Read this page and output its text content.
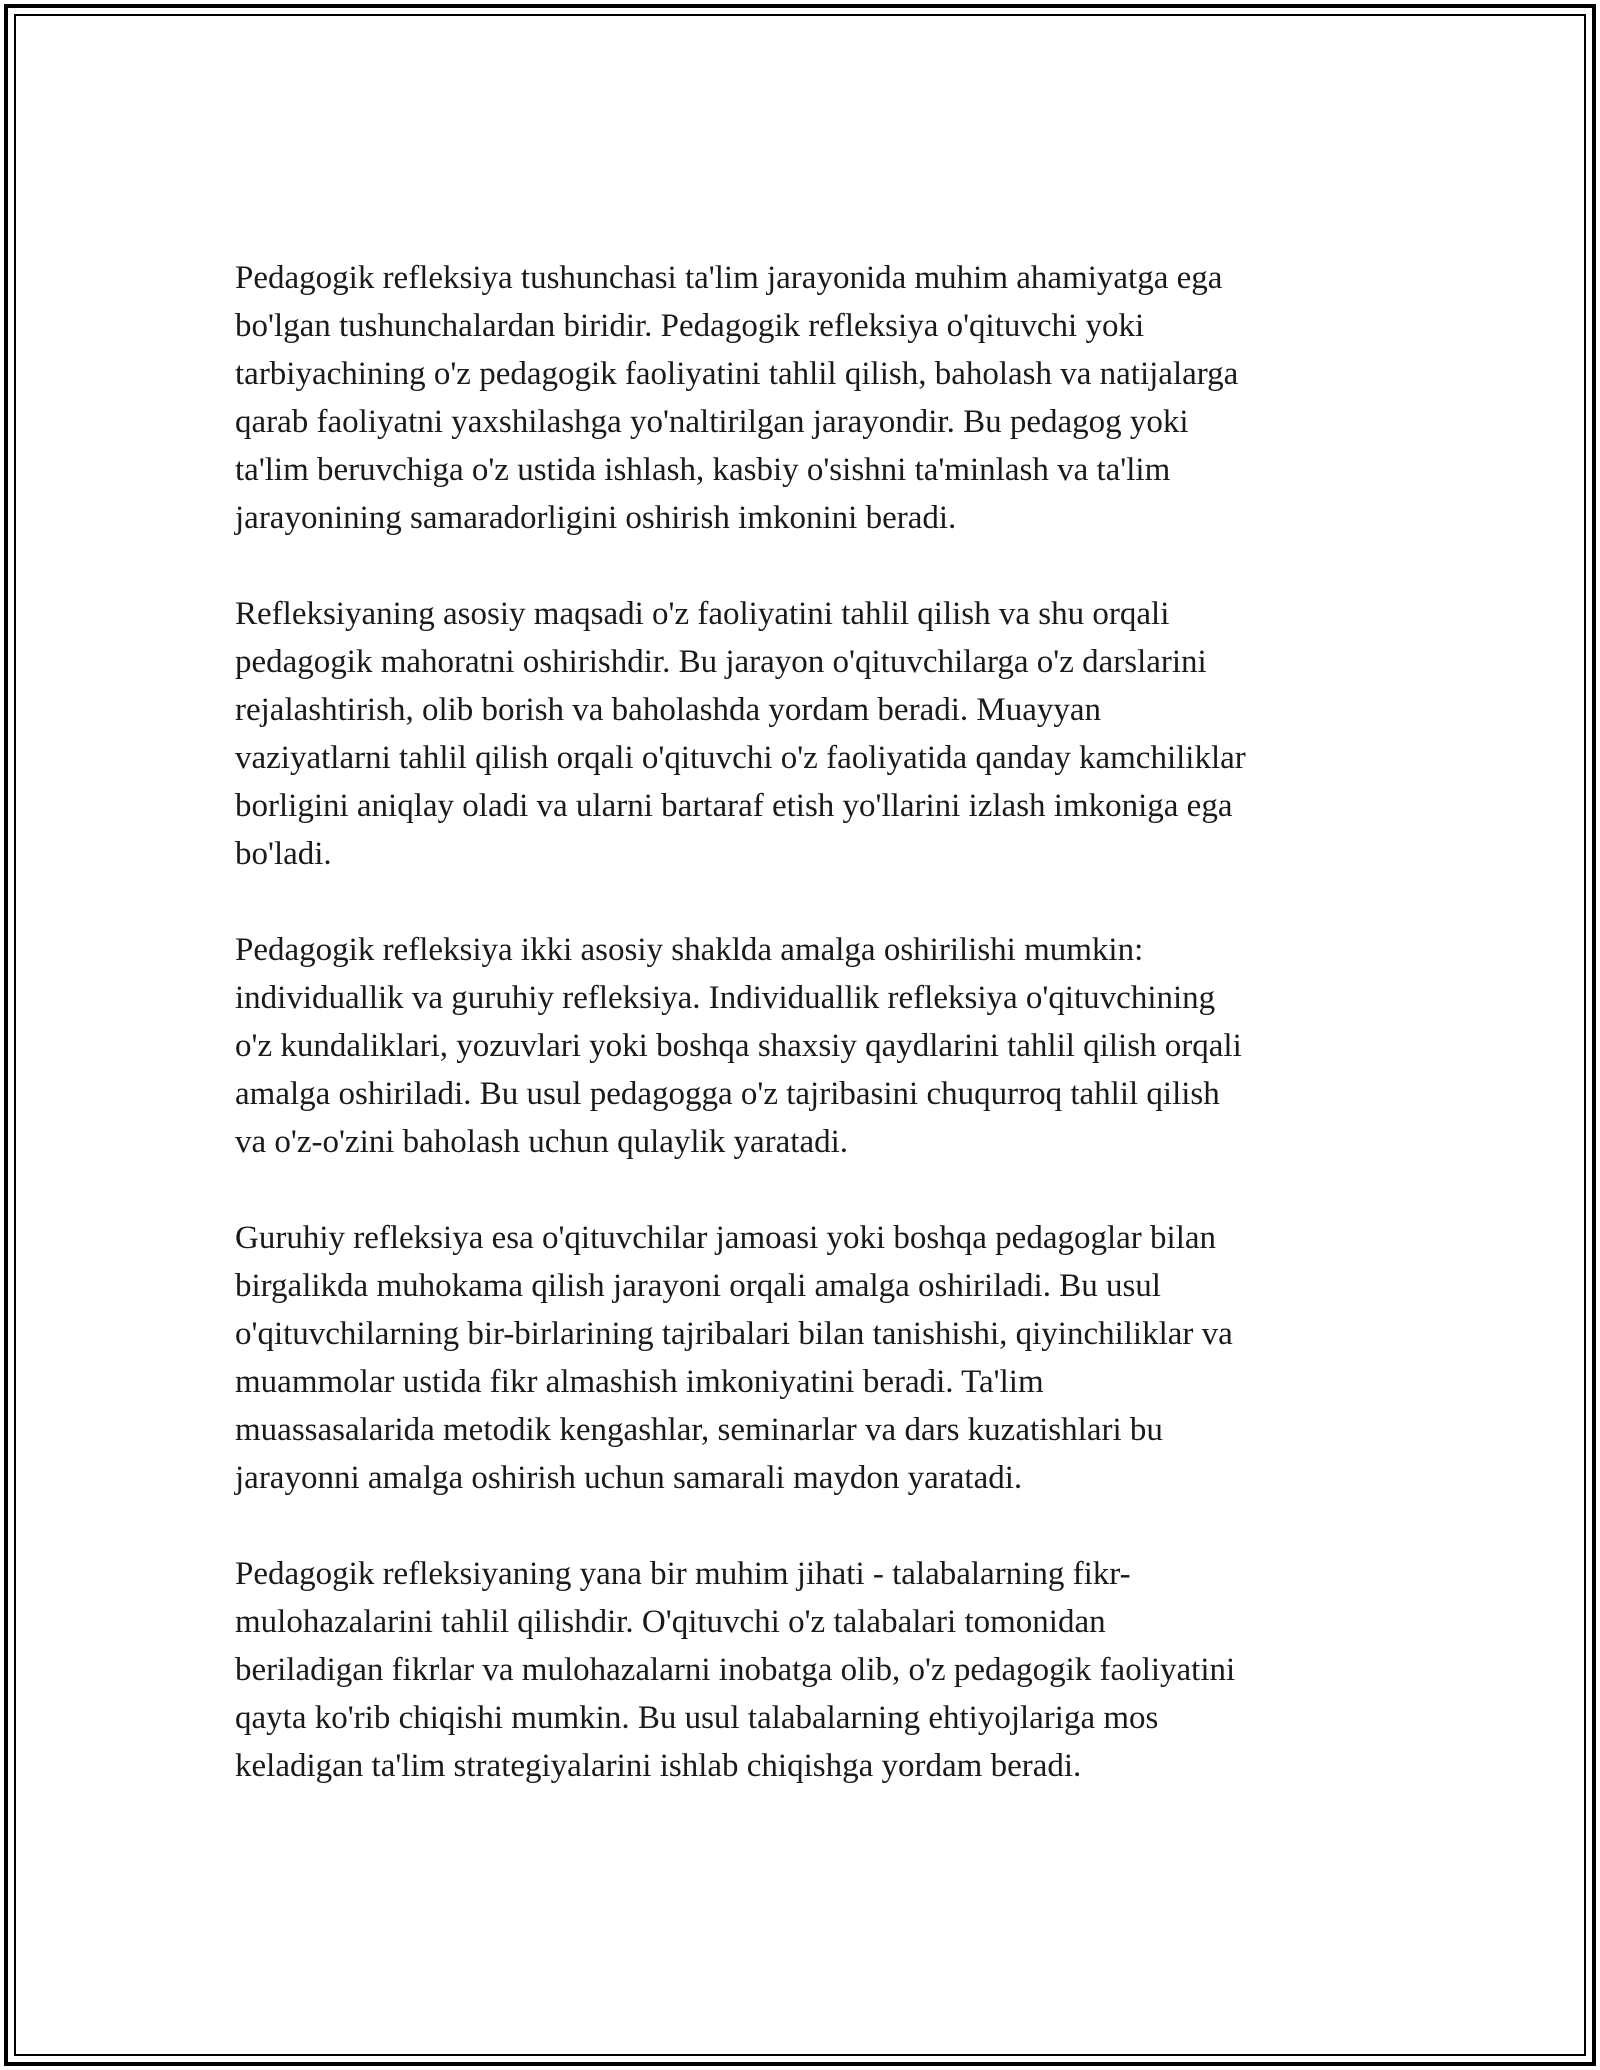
Pedagogik refleksiya tushunchasi ta'lim jarayonida muhim ahamiyatga ega
bo'lgan tushunchalardan biridir. Pedagogik refleksiya o'qituvchi yoki
tarbiyachining o'z pedagogik faoliyatini tahlil qilish, baholash va natijalarga
qarab faoliyatni yaxshilashga yo'naltirilgan jarayondir. Bu pedagog yoki
ta'lim beruvchiga o'z ustida ishlash, kasbiy o'sishni ta'minlash va ta'lim
jarayonining samaradorligini oshirish imkonini beradi.

Refleksiyaning asosiy maqsadi o'z faoliyatini tahlil qilish va shu orqali
pedagogik mahoratni oshirishdir. Bu jarayon o'qituvchilarga o'z darslarini
rejalashtirish, olib borish va baholashda yordam beradi. Muayyan
vaziyatlarni tahlil qilish orqali o'qituvchi o'z faoliyatida qanday kamchiliklar
borligini aniqlay oladi va ularni bartaraf etish yo'llarini izlash imkoniga ega
bo'ladi.

Pedagogik refleksiya ikki asosiy shaklda amalga oshirilishi mumkin:
individuallik va guruhiy refleksiya. Individuallik refleksiya o'qituvchining
o'z kundaliklari, yozuvlari yoki boshqa shaxsiy qaydlarini tahlil qilish orqali
amalga oshiriladi. Bu usul pedagogga o'z tajribasini chuqurroq tahlil qilish
va o'z-o'zini baholash uchun qulaylik yaratadi.

Guruhiy refleksiya esa o'qituvchilar jamoasi yoki boshqa pedagoglar bilan
birgalikda muhokama qilish jarayoni orqali amalga oshiriladi. Bu usul
o'qituvchilarning bir-birlarining tajribalari bilan tanishishi, qiyinchiliklar va
muammolar ustida fikr almashish imkoniyatini beradi. Ta'lim
muassasalarida metodik kengashlar, seminarlar va dars kuzatishlari bu
jarayonni amalga oshirish uchun samarali maydon yaratadi.

Pedagogik refleksiyaning yana bir muhim jihati - talabalarning fikr-
mulohazalarini tahlil qilishdir. O'qituvchi o'z talabalari tomonidan
beriladigan fikrlar va mulohazalarni inobatga olib, o'z pedagogik faoliyatini
qayta ko'rib chiqishi mumkin. Bu usul talabalarning ehtiyojlariga mos
keladigan ta'lim strategiyalarini ishlab chiqishga yordam beradi.
